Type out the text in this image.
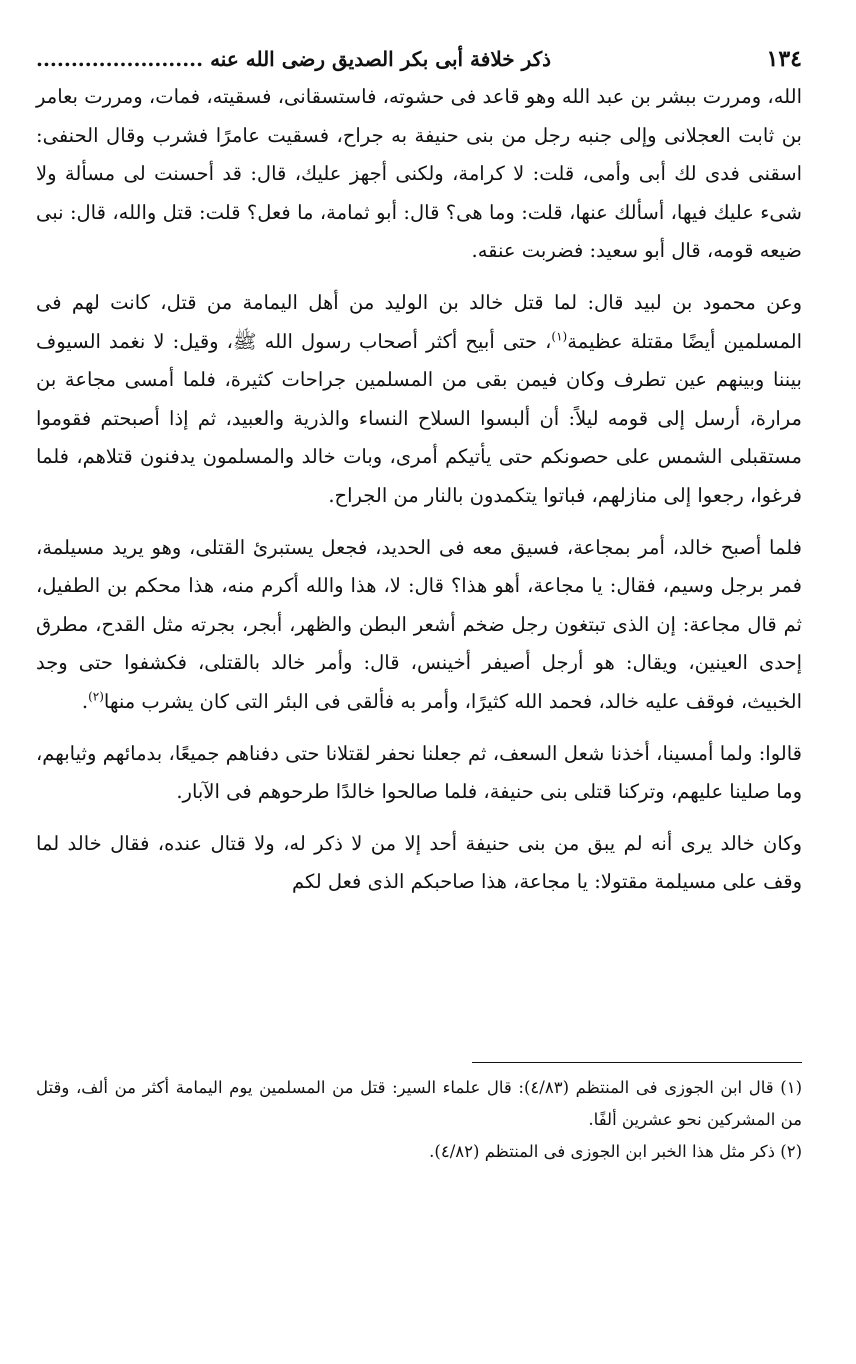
١٣٤
ذكر خلافة أبى بكر الصديق رضى الله عنه ........................

الله، ومررت ببشر بن عبد الله وهو قاعد فى حشوته، فاستسقانى، فسقيته، فمات، ومررت بعامر بن ثابت العجلانى وإلى جنبه رجل من بنى حنيفة به جراح، فسقيت عامرًا فشرب وقال الحنفى: اسقنى فدى لك أبى وأمى، قلت: لا كرامة، ولكنى أجهز عليك، قال: قد أحسنت لى مسألة ولا شىء عليك فيها، أسألك عنها، قلت: وما هى؟ قال: أبو ثمامة، ما فعل؟ قلت: قتل والله، قال: نبى ضيعه قومه، قال أبو سعيد: فضربت عنقه.

وعن محمود بن لبيد قال: لما قتل خالد بن الوليد من أهل اليمامة من قتل، كانت لهم فى المسلمين أيضًا مقتلة عظيمة$^{(١)}$، حتى أبيح أكثر أصحاب رسول الله ﷺ، وقيل: لا نغمد السيوف بيننا وبينهم عين تطرف وكان فيمن بقى من المسلمين جراحات كثيرة، فلما أمسى مجاعة بن مرارة، أرسل إلى قومه ليلاً: أن ألبسوا السلاح النساء والذرية والعبيد، ثم إذا أصبحتم فقوموا مستقبلى الشمس على حصونكم حتى يأتيكم أمرى، وبات خالد والمسلمون يدفنون قتلاهم، فلما فرغوا، رجعوا إلى منازلهم، فباتوا يتكمدون بالنار من الجراح.

فلما أصبح خالد، أمر بمجاعة، فسيق معه فى الحديد، فجعل يستبرئ القتلى، وهو يريد مسيلمة، فمر برجل وسيم، فقال: يا مجاعة، أهو هذا؟ قال: لا، هذا والله أكرم منه، هذا محكم بن الطفيل، ثم قال مجاعة: إن الذى تبتغون رجل ضخم أشعر البطن والظهر، أبجر، بجرته مثل القدح، مطرق إحدى العينين، ويقال: هو أرجل أصيفر أخينس، قال: وأمر خالد بالقتلى، فكشفوا حتى وجد الخبيث، فوقف عليه خالد، فحمد الله كثيرًا، وأمر به فألقى فى البئر التى كان يشرب منها$^{(٢)}$.

قالوا: ولما أمسينا، أخذنا شعل السعف، ثم جعلنا نحفر لقتلانا حتى دفناهم جميعًا، بدمائهم وثيابهم، وما صلينا عليهم، وتركنا قتلى بنى حنيفة، فلما صالحوا خالدًا طرحوهم فى الآبار.

وكان خالد يرى أنه لم يبق من بنى حنيفة أحد إلا من لا ذكر له، ولا قتال عنده، فقال خالد لما وقف على مسيلمة مقتولا: يا مجاعة، هذا صاحبكم الذى فعل لكم

(١) قال ابن الجوزى فى المنتظم (٤/٨٣): قال علماء السير: قتل من المسلمين يوم اليمامة أكثر من ألف، وقتل من المشركين نحو عشرين ألفًا.

(٢) ذكر مثل هذا الخبر ابن الجوزى فى المنتظم (٤/٨٢).
